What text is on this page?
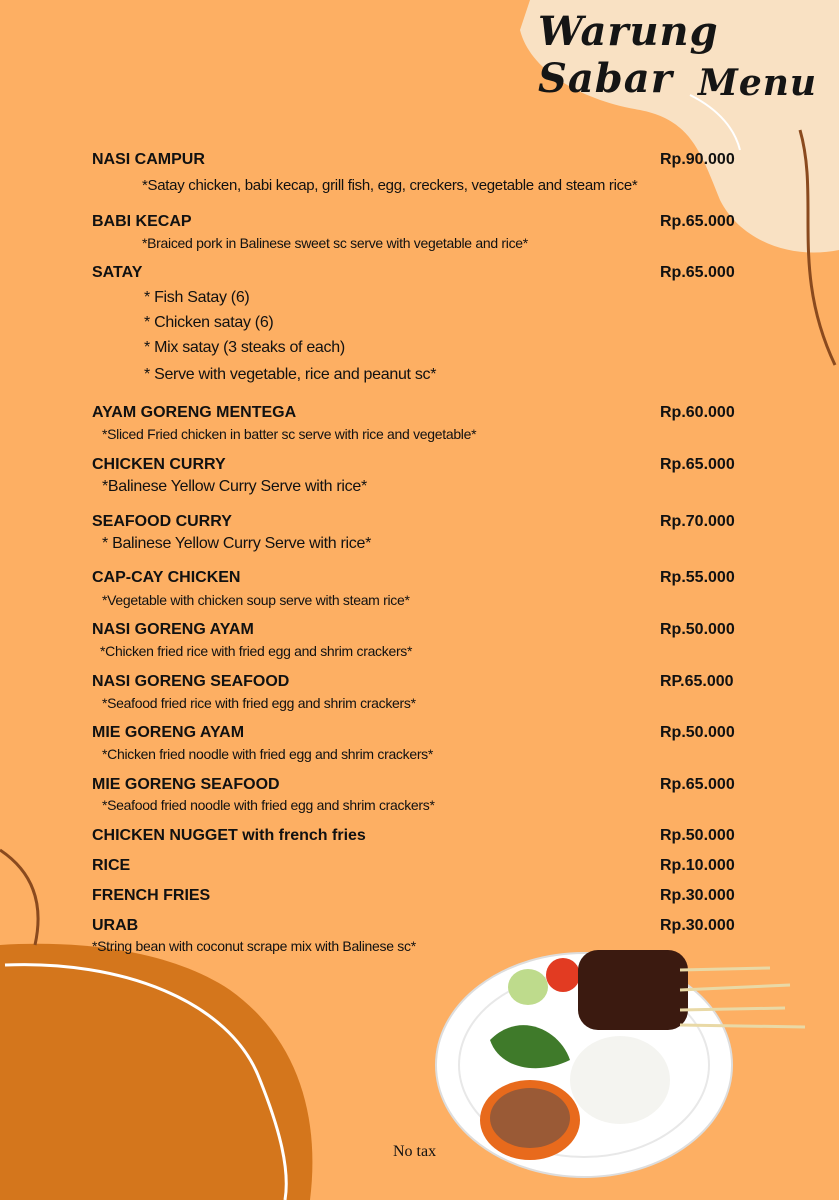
Warung Sabar Menu
NASI CAMPUR	Rp.90.000
*Satay chicken, babi kecap, grill fish, egg, creckers, vegetable and steam rice*
BABI KECAP	Rp.65.000
*Braiced pork in Balinese sweet sc serve with vegetable and rice*
SATAY	Rp.65.000
* Fish Satay (6)
* Chicken satay (6)
* Mix satay (3 steaks of each)
* Serve with vegetable, rice and peanut sc*
AYAM GORENG MENTEGA	Rp.60.000
*Sliced Fried chicken in batter sc serve with rice and vegetable*
CHICKEN CURRY	Rp.65.000
*Balinese Yellow Curry Serve with rice*
SEAFOOD CURRY	Rp.70.000
* Balinese Yellow Curry Serve with rice*
CAP-CAY CHICKEN	Rp.55.000
*Vegetable with chicken soup serve with steam rice*
NASI GORENG AYAM	Rp.50.000
*Chicken fried rice with fried egg and shrim crackers*
NASI GORENG SEAFOOD	RP.65.000
*Seafood fried rice with fried egg and shrim crackers*
MIE GORENG AYAM	Rp.50.000
*Chicken fried noodle with fried egg and shrim crackers*
MIE GORENG SEAFOOD	Rp.65.000
*Seafood fried noodle with fried egg and shrim crackers*
CHICKEN NUGGET with french fries	Rp.50.000
RICE	Rp.10.000
FRENCH FRIES	Rp.30.000
URAB	Rp.30.000
*String bean with coconut scrape mix with Balinese sc*
No tax
